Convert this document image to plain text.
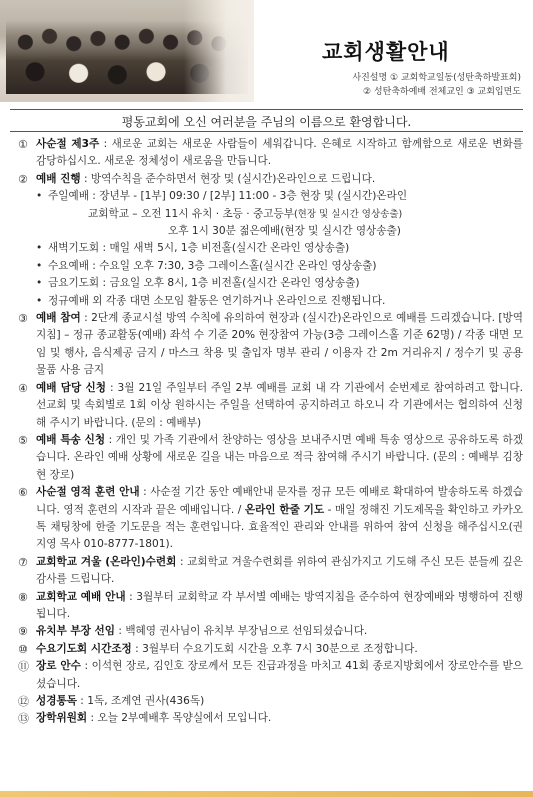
교회생활안내
사진설명 ① 교회학교일동(성탄축하발표회)
② 성탄축하예배 전체교인 ③ 교회입면도
평동교회에 오신 여러분을 주님의 이름으로 환영합니다.
① 사순절 제3주 : 새로운 교회는 새로운 사람들이 세워갑니다. 은혜로 시작하고 함께함으로 새로운 변화를 감당하십시오. 새로운 정체성이 새로움을 만듭니다.
② 예배 진행 : 방역수칙을 준수하면서 현장 및 (실시간)온라인으로 드립니다.
• 주일예배 : 장년부 - [1부] 09:30 / [2부] 11:00 - 3층 현장 및 (실시간)온라인
교회학교 – 오전 11시 유치 · 초등 · 중고등부(현장 및 실시간 영상송출)
오후 1시 30분 젊은예배(현장 및 실시간 영상송출)
• 새벽기도회 : 매일 새벽 5시, 1층 비전홀(실시간 온라인 영상송출)
• 수요예배 : 수요일 오후 7:30, 3층 그레이스홀(실시간 온라인 영상송출)
• 금요기도회 : 금요일 오후 8시, 1층 비전홀(실시간 온라인 영상송출)
• 정규예배 외 각종 대면 소모임 활동은 연기하거나 온라인으로 진행됩니다.
③ 예배 참여 : 2단계 종교시설 방역 수칙에 유의하여 현장과 (실시간)온라인으로 예배를 드리겠습니다. [방역 지침] – 정규 종교활동(예배) 좌석 수 기준 20% 현장참여 가능(3층 그레이스홀 기준 62명) / 각종 대면 모임 및 행사, 음식제공 금지 / 마스크 착용 및 출입자 명부 관리 / 이용자 간 2m 거리유지 / 정수기 및 공용물품 사용 금지
④ 예배 담당 신청 : 3월 21일 주일부터 주일 2부 예배를 교회 내 각 기관에서 순번제로 참여하려고 합니다. 선교회 및 속회별로 1회 이상 원하시는 주일을 선택하여 공지하려고 하오니 각 기관에서는 협의하여 신청해 주시기 바랍니다. (문의 : 예배부)
⑤ 예배 특송 신청 : 개인 및 가족 기관에서 찬양하는 영상을 보내주시면 예배 특송 영상으로 공유하도록 하겠습니다. 온라인 예배 상황에 새로운 길을 내는 마음으로 적극 참여해 주시기 바랍니다. (문의 : 예배부 김창현 장로)
⑥ 사순절 영적 훈련 안내 : 사순절 기간 동안 예배안내 문자를 정규 모든 예배로 확대하여 발송하도록 하겠습니다. 영적 훈련의 시작과 끝은 예배입니다. / 온라인 한줄 기도 - 매일 정해진 기도제목을 확인하고 카카오톡 채팅창에 한줄 기도문을 적는 훈련입니다. 효율적인 관리와 안내를 위하여 참여 신청을 해주십시오(권지영 목사 010-8777-1801).
⑦ 교회학교 겨울 (온라인)수련회 : 교회학교 겨울수련회를 위하여 관심가지고 기도해 주신 모든 분들께 깊은 감사를 드립니다.
⑧ 교회학교 예배 안내 : 3월부터 교회학교 각 부서별 예배는 방역지침을 준수하여 현장예배와 병행하여 진행됩니다.
⑨ 유치부 부장 선임 : 백혜영 권사님이 유치부 부장님으로 선임되셨습니다.
⑩ 수요기도회 시간조정 : 3월부터 수요기도회 시간을 오후 7시 30분으로 조정합니다.
⑪ 장로 안수 : 이석현 장로, 김인호 장로께서 모든 진급과정을 마치고 41회 종로지방회에서 장로안수를 받으셨습니다.
⑫ 성경통독 : 1독, 조계연 권사(436독)
⑬ 장학위원회 : 오늘 2부예배후 목양실에서 모입니다.
